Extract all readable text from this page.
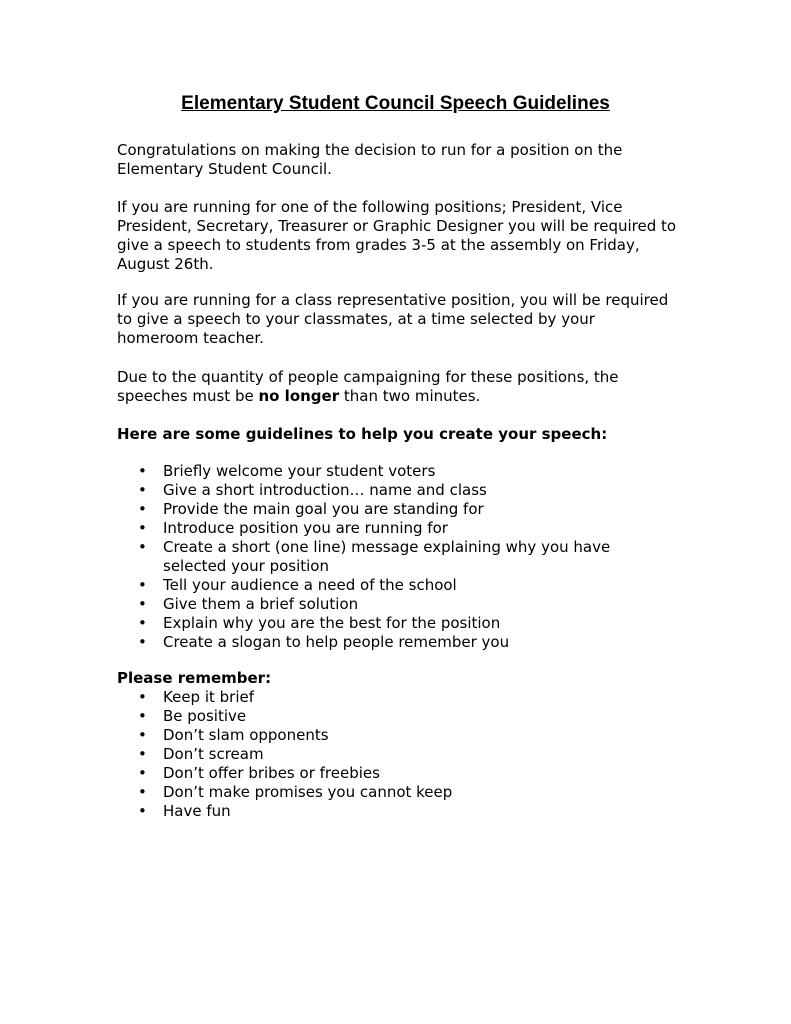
Elementary Student Council Speech Guidelines

Congratulations on making the decision to run for a position on the Elementary Student Council.

If you are running for one of the following positions; President, Vice President, Secretary, Treasurer or Graphic Designer you will be required to give a speech to students from grades 3-5 at the assembly on Friday, August 26th.

If you are running for a class representative position, you will be required to give a speech to your classmates, at a time selected by your homeroom teacher.

Due to the quantity of people campaigning for these positions, the speeches must be no longer than two minutes.

Here are some guidelines to help you create your speech:

• Briefly welcome your student voters
• Give a short introduction… name and class
• Provide the main goal you are standing for
• Introduce position you are running for
• Create a short (one line) message explaining why you have selected your position
• Tell your audience a need of the school
• Give them a brief solution
• Explain why you are the best for the position
• Create a slogan to help people remember you

Please remember:

• Keep it brief
• Be positive
• Don’t slam opponents
• Don’t scream
• Don’t offer bribes or freebies
• Don’t make promises you cannot keep
• Have fun
